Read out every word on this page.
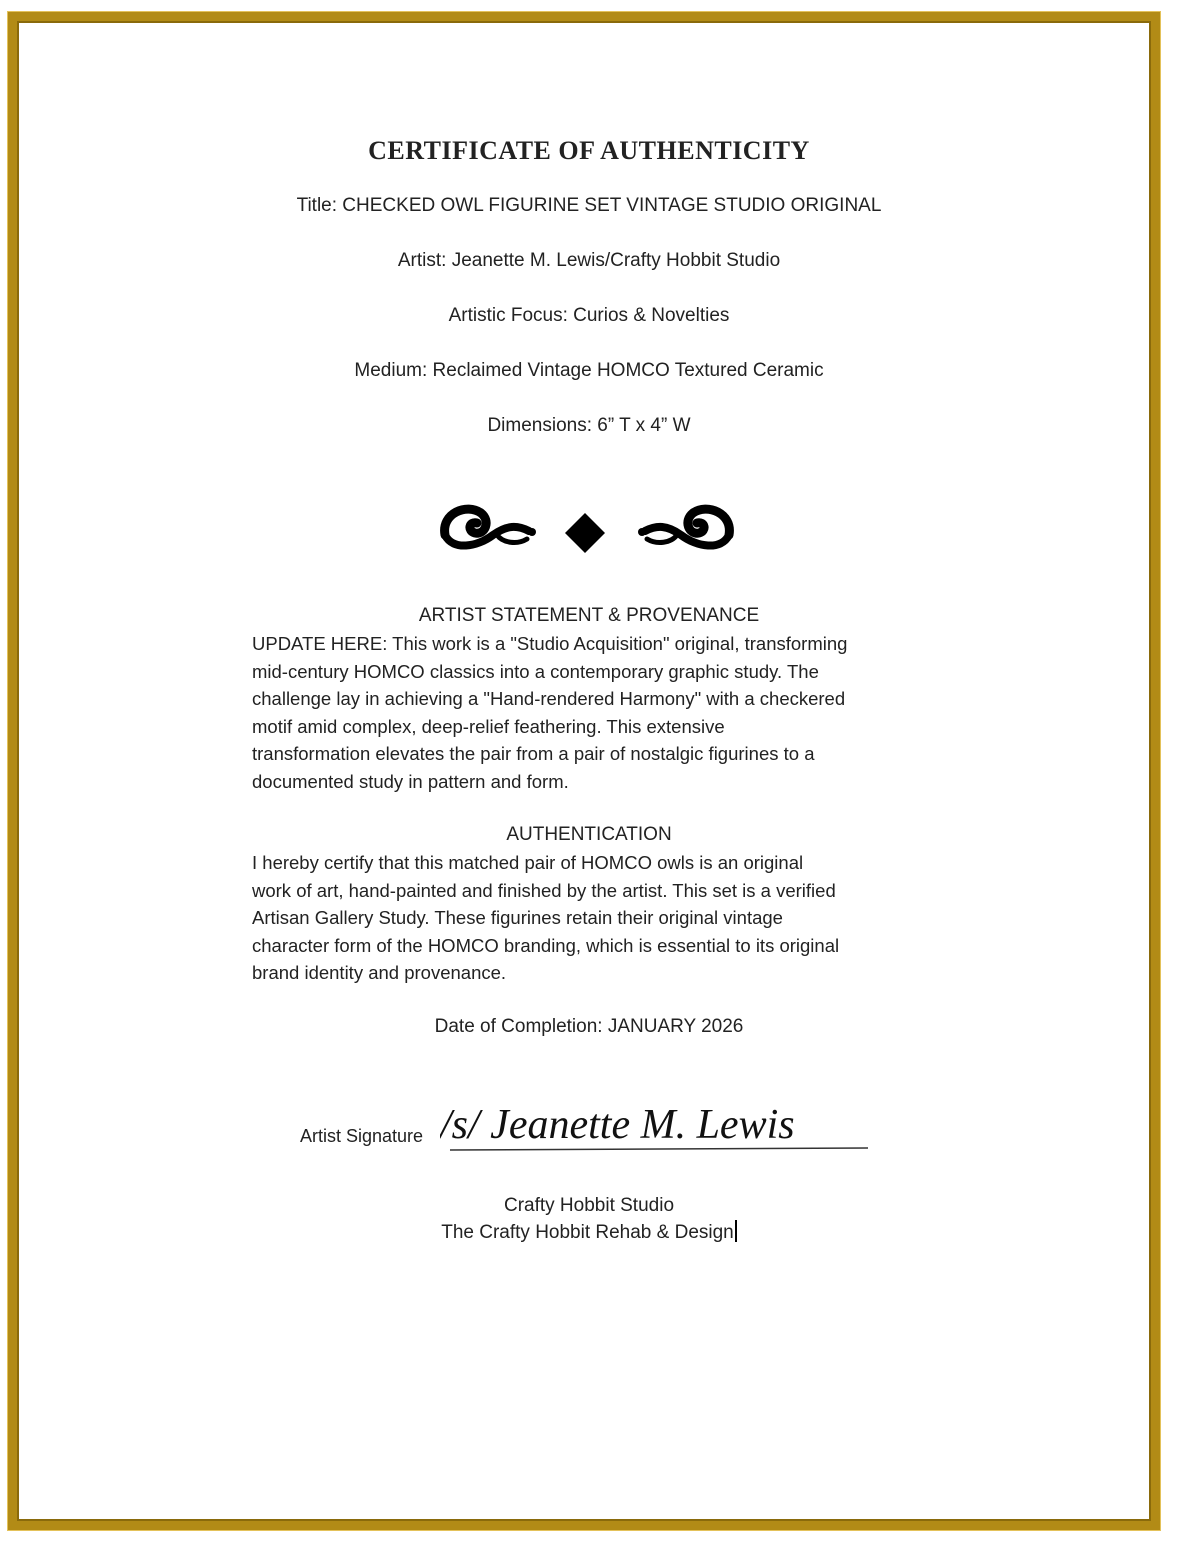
CERTIFICATE OF AUTHENTICITY
Title: CHECKED OWL FIGURINE SET VINTAGE STUDIO ORIGINAL
Artist: Jeanette M. Lewis/Crafty Hobbit Studio
Artistic Focus: Curios & Novelties
Medium: Reclaimed Vintage HOMCO Textured Ceramic
Dimensions: 6” T x 4” W
ARTIST STATEMENT & PROVENANCE
UPDATE HERE: This work is a "Studio Acquisition" original, transforming
mid-century HOMCO classics into a contemporary graphic study. The
challenge lay in achieving a "Hand-rendered Harmony" with a checkered
motif amid complex, deep-relief feathering. This extensive
transformation elevates the pair from a pair of nostalgic figurines to a
documented study in pattern and form.
AUTHENTICATION
I hereby certify that this matched pair of HOMCO owls is an original
work of art, hand-painted and finished by the artist. This set is a verified
Artisan Gallery Study. These figurines retain their original vintage
character form of the HOMCO branding, which is essential to its original
brand identity and provenance.
Date of Completion: JANUARY 2026
Artist Signature /s/ Jeanette M. Lewis
Crafty Hobbit Studio
The Crafty Hobbit Rehab & Design
